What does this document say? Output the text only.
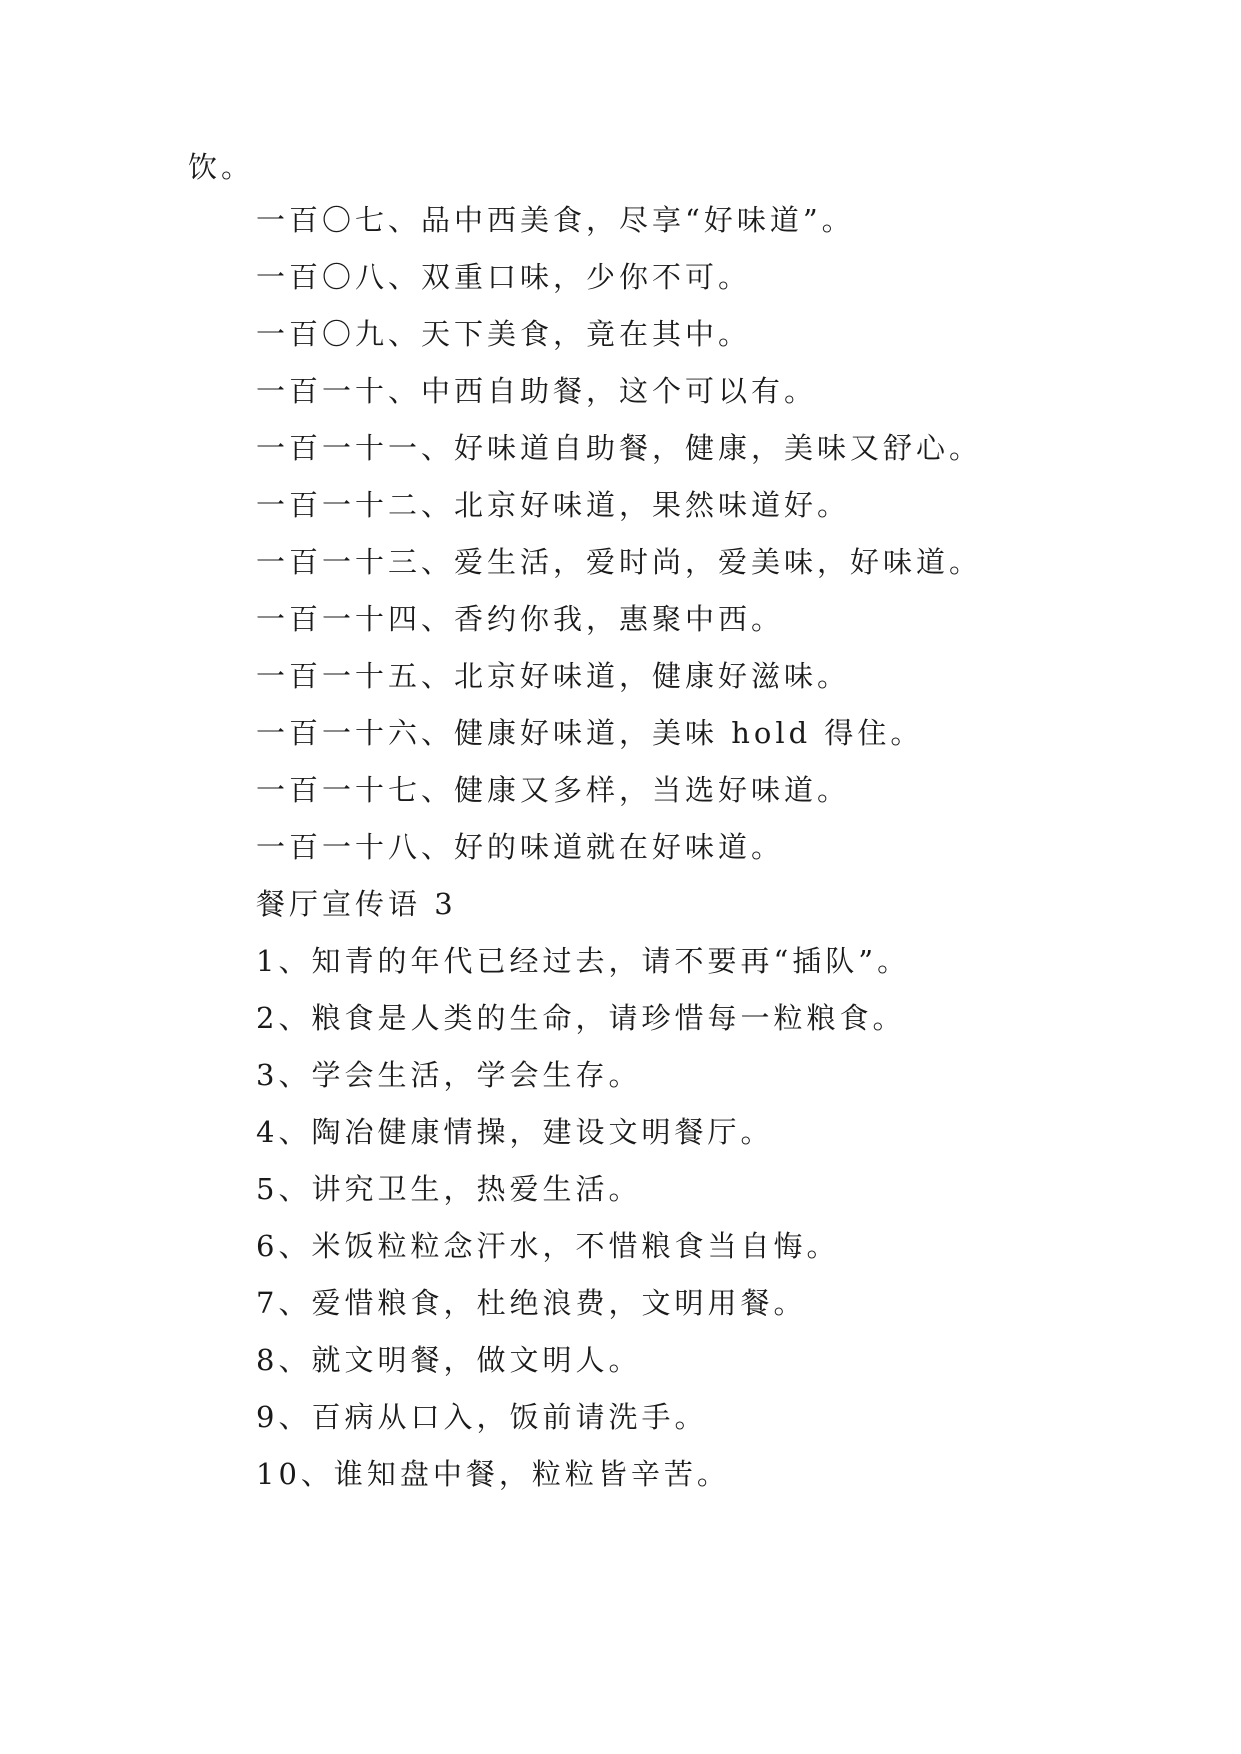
饮。
一百〇七、品中西美食，尽享“好味道”。
一百〇八、双重口味，少你不可。
一百〇九、天下美食，竟在其中。
一百一十、中西自助餐，这个可以有。
一百一十一、好味道自助餐，健康，美味又舒心。
一百一十二、北京好味道，果然味道好。
一百一十三、爱生活，爱时尚，爱美味，好味道。
一百一十四、香约你我，惠聚中西。
一百一十五、北京好味道，健康好滋味。
一百一十六、健康好味道，美味 hold 得住。
一百一十七、健康又多样，当选好味道。
一百一十八、好的味道就在好味道。
餐厅宣传语 3
1、知青的年代已经过去，请不要再“插队”。
2、粮食是人类的生命，请珍惜每一粒粮食。
3、学会生活，学会生存。
4、陶冶健康情操，建设文明餐厅。
5、讲究卫生，热爱生活。
6、米饭粒粒念汗水，不惜粮食当自悔。
7、爱惜粮食，杜绝浪费，文明用餐。
8、就文明餐，做文明人。
9、百病从口入，饭前请洗手。
10、谁知盘中餐，粒粒皆辛苦。
